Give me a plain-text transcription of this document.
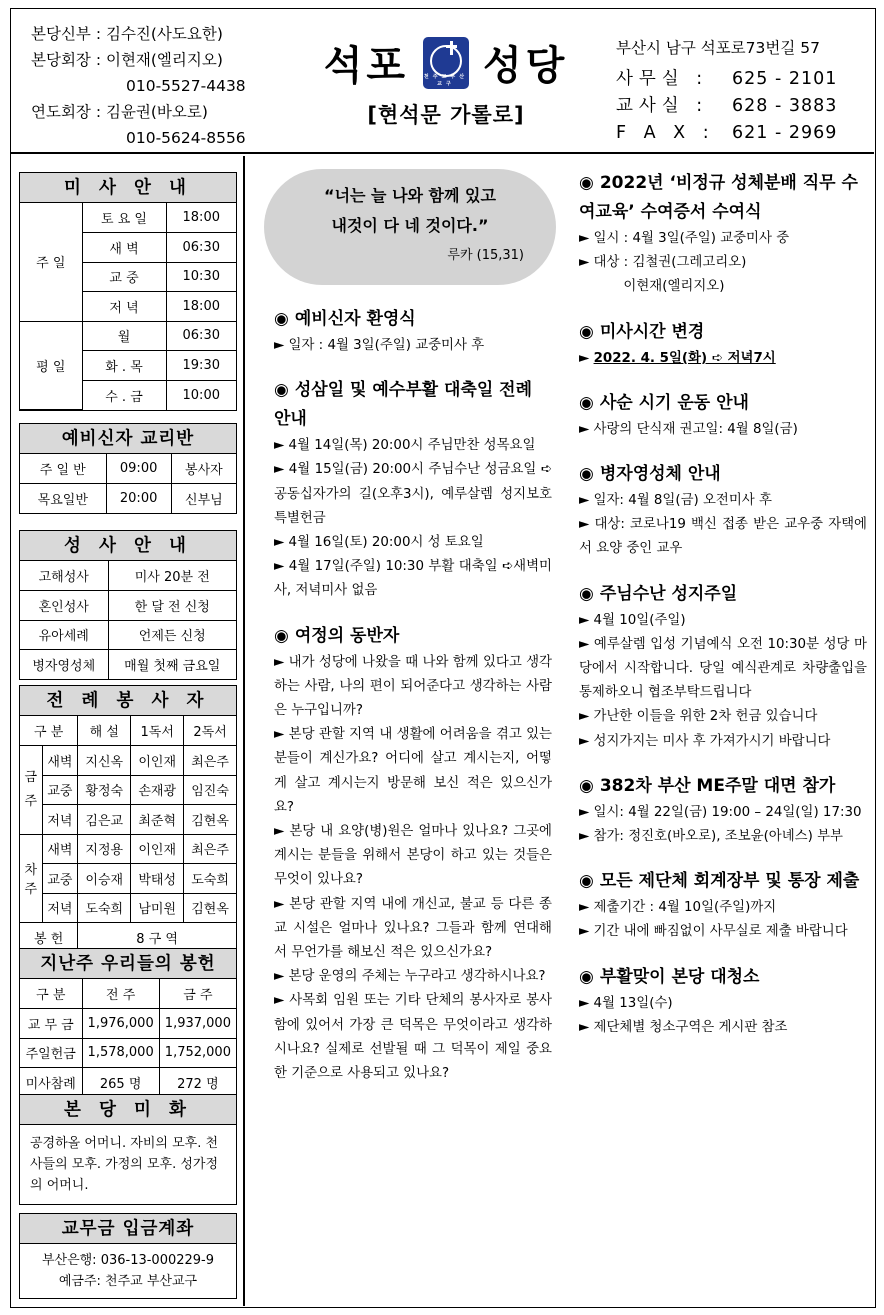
본당신부 : 김수진(사도요한)
본당회장 : 이현재(엘리지오)
010-5527-4438
연도회장 : 김윤권(바오로)
010-5624-8556
석포	천주교부산교구 성당
[현석문 가롤로]
부산시 남구 석포로73번길 57
사무실 : 625 - 2101
교사실 : 628 - 3883
F A X : 621 - 2969
미 사 안 내
주 일	토 요 일	18:00
	새 벽	06:30
	교 중	10:30
	저 녁	18:00
평 일	월	06:30
	화 . 목	19:30
	수 . 금	10:00
예비신자 교리반
주 일 반	09:00	봉사자
목요일반	20:00	신부님
성 사 안 내
고해성사	미사 20분 전
혼인성사	한 달 전 신청
유아세례	언제든 신청
병자영성체	매월 첫째 금요일
전 례 봉 사 자
구 분		해 설	1독서	2독서
금주	새벽	지신옥	이인재	최은주
	교중	황정숙	손재광	임진숙
	저녁	김은교	최준혁	김현옥
차주	새벽	지정용	이인재	최은주
	교중	이승재	박태성	도숙희
	저녁	도숙희	남미원	김현옥
봉 헌		8 구 역		
지난주 우리들의 봉헌
구 분	전 주	금 주
교 무 금	1,976,000	1,937,000
주일헌금	1,578,000	1,752,000
미사참례	265 명	272 명
본 당 미 화
공경하올 어머니. 자비의 모후. 천사들의 모후. 가정의 모후. 성가정의 어머니.
교무금 입금계좌
부산은행: 036-13-000229-9
예금주: 천주교 부산교구
“너는 늘 나와 함께 있고
내것이 다 네 것이다.”
루카 (15,31)
◉ 예비신자 환영식

► 일자 : 4월 3일(주일) 교중미사 후

◉ 성삼일 및 예수부활 대축일 전례 안내

► 4월 14일(목) 20:00시 주님만찬 성목요일

► 4월 15일(금) 20:00시 주님수난 성금요일 ➪ 공동십자가의 길(오후3시), 예루살렘 성지보호 특별헌금

► 4월 16일(토) 20:00시 성 토요일

► 4월 17일(주일) 10:30 부활 대축일 ➪새벽미사, 저녁미사 없음

◉ 여정의 동반자

► 내가 성당에 나왔을 때 나와 함께 있다고 생각하는 사람, 나의 편이 되어준다고 생각하는 사람은 누구입니까?

► 본당 관할 지역 내 생활에 어려움을 겪고 있는 분들이 계신가요? 어디에 살고 계시는지, 어떻게 살고 계시는지 방문해 보신 적은 있으신가요?

► 본당 내 요양(병)원은 얼마나 있나요? 그곳에 계시는 분들을 위해서 본당이 하고 있는 것들은 무엇이 있나요?

► 본당 관할 지역 내에 개신교, 불교 등 다른 종교 시설은 얼마나 있나요? 그들과 함께 연대해서 무언가를 해보신 적은 있으신가요?

► 본당 운영의 주체는 누구라고 생각하시나요?

► 사목회 임원 또는 기타 단체의 봉사자로 봉사함에 있어서 가장 큰 덕목은 무엇이라고 생각하시나요? 실제로 선발될 때 그 덕목이 제일 중요한 기준으로 사용되고 있나요?

◉ 2022년 ‘비정규 성체분배 직무 수여교육’ 수여증서 수여식

► 일시 : 4월 3일(주일) 교중미사 중

► 대상 : 김철권(그레고리오)

　　　 이현재(엘리지오)

◉ 미사시간 변경

► 2022. 4. 5일(화) ➪ 저녁7시

◉ 사순 시기 운동 안내

► 사랑의 단식재 권고일: 4월 8일(금)

◉ 병자영성체 안내

► 일자: 4월 8일(금) 오전미사 후

► 대상: 코로나19 백신 접종 받은 교우중 자택에서 요양 중인 교우

◉ 주님수난 성지주일

► 4월 10일(주일)

► 예루살렘 입성 기념예식 오전 10:30분 성당 마당에서 시작합니다. 당일 예식관계로 차량출입을 통제하오니 협조부탁드립니다

► 가난한 이들을 위한 2차 헌금 있습니다

► 성지가지는 미사 후 가져가시기 바랍니다

◉ 382차 부산 ME주말 대면 참가

► 일시: 4월 22일(금) 19:00 – 24일(일) 17:30

► 참가: 정진호(바오로), 조보윤(아녜스) 부부

◉ 모든 제단체 회계장부 및 통장 제출

► 제출기간 : 4월 10일(주일)까지

► 기간 내에 빠짐없이 사무실로 제출 바랍니다

◉ 부활맞이 본당 대청소

► 4월 13일(수)

► 제단체별 청소구역은 게시판 참조
